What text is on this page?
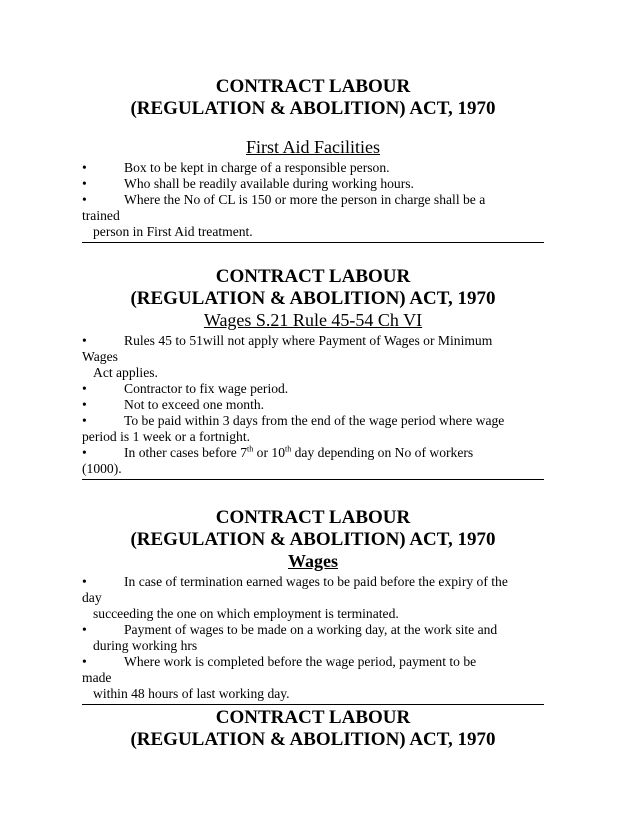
CONTRACT LABOUR
(REGULATION & ABOLITION) ACT, 1970
First Aid Facilities
•	Box to be kept in charge of a responsible person.
•	Who shall be readily available during working hours.
•	Where the No of CL is 150 or more the person in charge shall be a
trained
person in First Aid treatment.
CONTRACT LABOUR
(REGULATION & ABOLITION) ACT, 1970
Wages S.21 Rule 45-54 Ch VI
•	Rules 45 to 51will not apply where Payment of Wages or Minimum
Wages
Act applies.
•	Contractor to fix wage period.
•	Not to exceed one month.
•	To be paid within 3 days from the end of the wage period where wage
period is 1 week or a fortnight.
•	In other cases before 7th or 10th day depending on No of workers
(1000).
CONTRACT LABOUR
(REGULATION & ABOLITION) ACT, 1970
Wages
•	In case of termination earned wages to be paid before the expiry of the
day
succeeding the one on which employment is terminated.
•	Payment of wages to be made on a working day, at the work site and
during working hrs
•	Where work is completed before the wage period, payment to be
made
within 48 hours of last working day.
CONTRACT LABOUR
(REGULATION & ABOLITION) ACT, 1970
